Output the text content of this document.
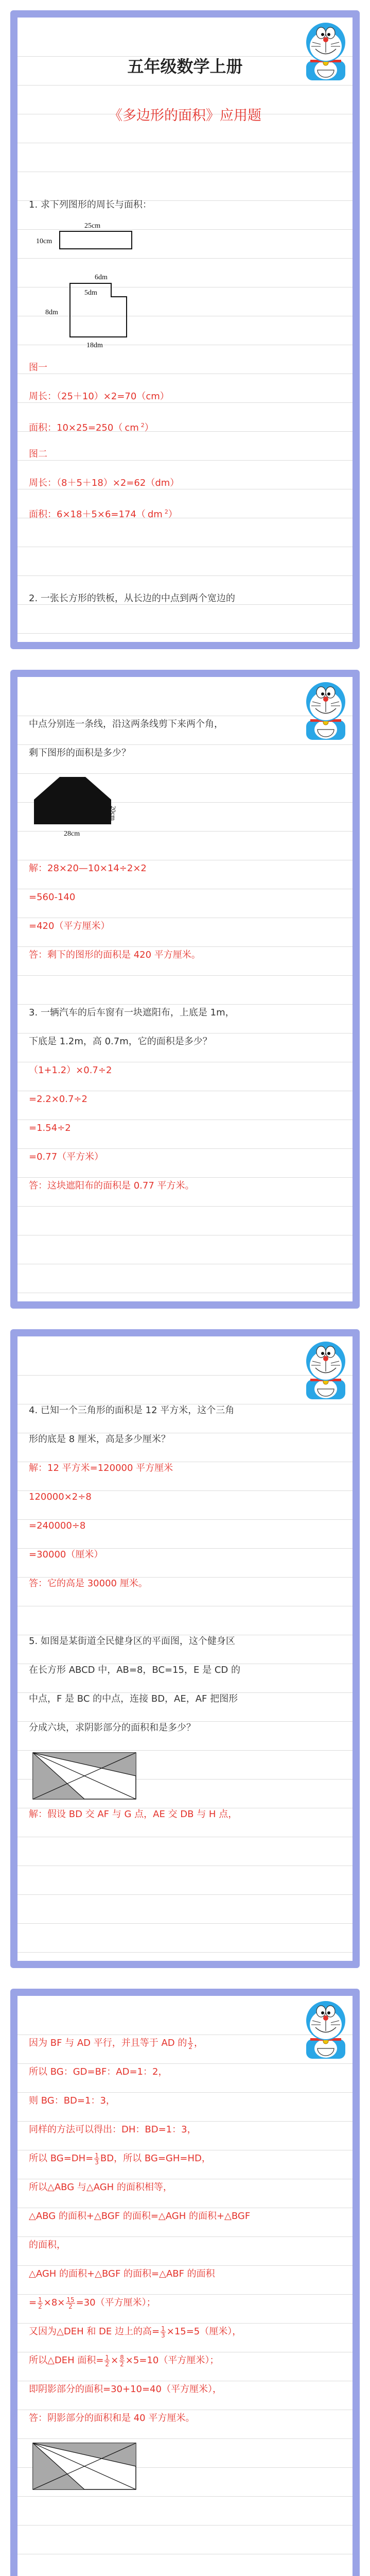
五年级数学上册
《多边形的面积》应用题
1. 求下列图形的周长与面积：
25cm
10cm
6dm
5dm
8dm
18dm
图一
周长：（25＋10）×2=70（cm）
面积：10×25=250（ cm $^2$）
图二
周长：（8＋5＋18）×2=62（dm）
面积：6×18＋5×6=174（ dm $^2$）
2. 一张长方形的铁板，从长边的中点到两个宽边的
中点分别连一条线，沿这两条线剪下来两个角，
剩下图形的面积是多少？
20cm
28cm
解：28×20—10×14÷2×2
=560-140
=420（平方厘米）
答：剩下的图形的面积是 420 平方厘米。
3. 一辆汽车的后车窗有一块遮阳布，上底是 1m，
下底是 1.2m，高 0.7m，它的面积是多少？
（1+1.2）×0.7÷2
=2.2×0.7÷2
=1.54÷2
=0.77（平方米）
答：这块遮阳布的面积是 0.77 平方米。
4. 已知一个三角形的面积是 12 平方米，这个三角
形的底是 8 厘米，高是多少厘米？
解：12 平方米=120000 平方厘米
120000×2÷8
=240000÷8
=30000（厘米）
答：它的高是 30000 厘米。
5. 如图是某街道全民健身区的平面图，这个健身区
在长方形 ABCD 中，AB=8，BC=15，E 是 CD 的
中点，F 是 BC 的中点，连接 BD，AE，AF 把图形
分成六块，求阴影部分的面积和是多少？
解：假设 BD 交 AF 与 G 点，AE 交 DB 与 H 点，
因为 BF 与 AD 平行，并且等于 AD 的 $\frac{1}{2}$ ，
所以 BG：GD=BF：AD=1：2，
则 BG：BD=1：3，
同样的方法可以得出：DH：BD=1：3，
所以 $BG=DH= \frac{1}{3}$ BD，所以 BG=GH=HD，
所以△ABG 与△AGH 的面积相等，
△ABG 的面积+△BGF 的面积=△AGH 的面积+△BGF
的面积，
△AGH 的面积+△BGF 的面积=△ABF 的面积
= $\frac{1}{2} \times 8\times \frac{15}{2} =30$（平方厘米）；
又因为△DEH 和 DE 边上的高= $\frac{1}{3} \times 15=5$（厘米），
所以△DEH 面积= $\frac{1}{2} \times \frac{8}{2} \times 5=10$（平方厘米）；
即阴影部分的面积=30+10=40（平方厘米），
答：阴影部分的面积和是 40 平方厘米。
